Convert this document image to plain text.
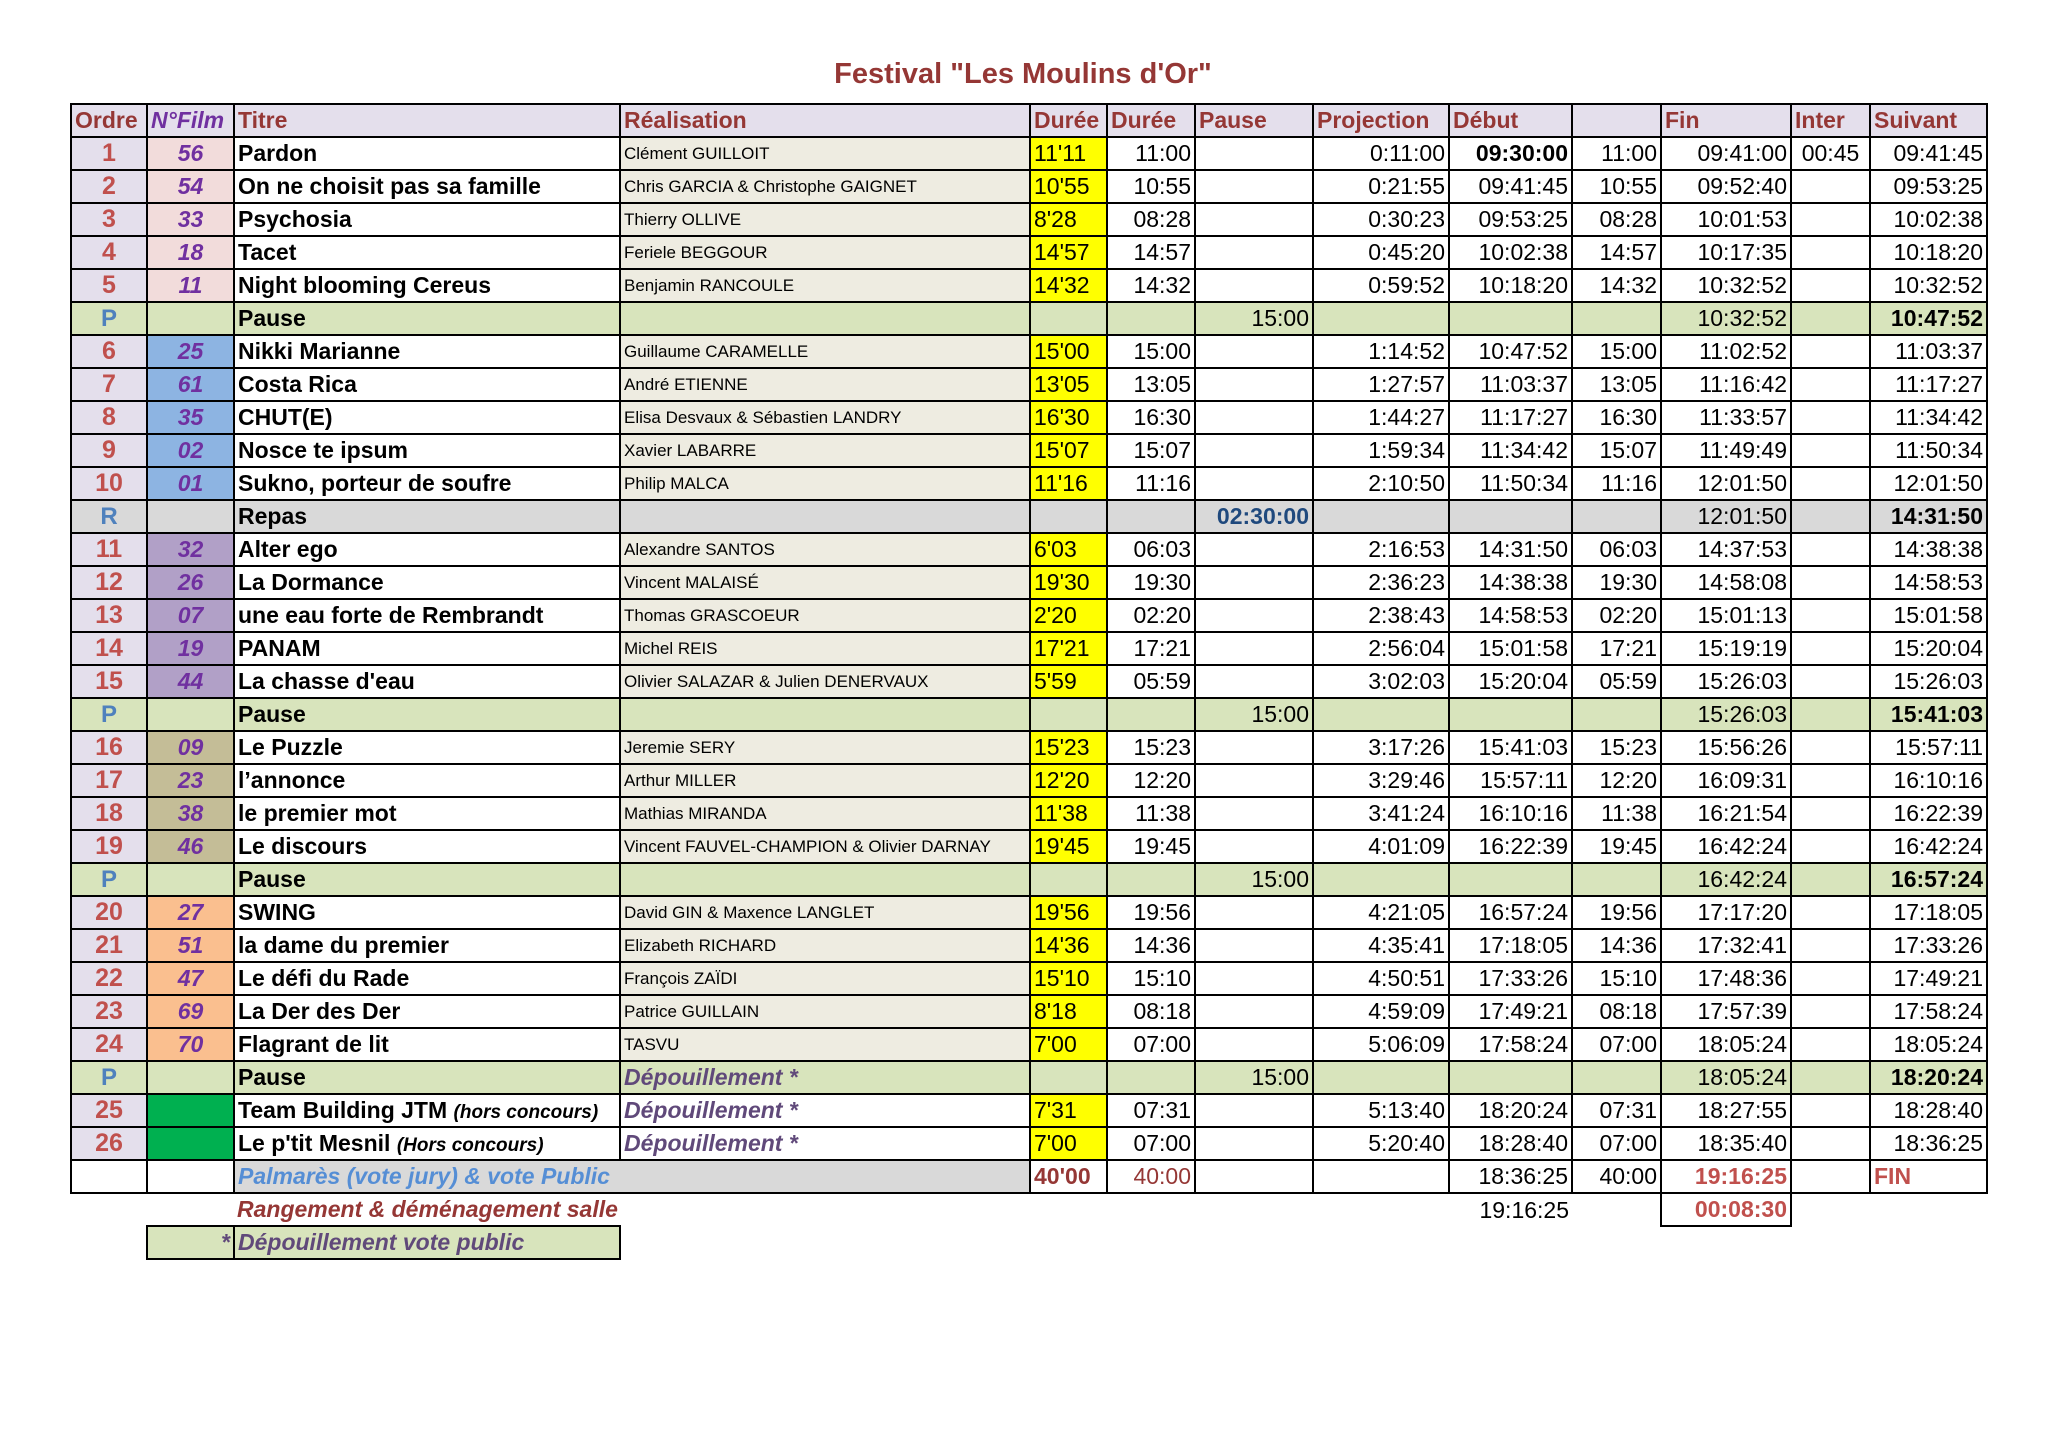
Festival "Les Moulins d'Or"
Ordre	N°Film	Titre	Réalisation	Durée	Durée	Pause	Projection	Début		Fin	Inter	Suivant
1	56	Pardon	Clément GUILLOIT	11'11	11:00		0:11:00	09:30:00	11:00	09:41:00	00:45	09:41:45
2	54	On ne choisit pas sa famille	Chris GARCIA & Christophe GAIGNET	10'55	10:55		0:21:55	09:41:45	10:55	09:52:40		09:53:25
3	33	Psychosia	Thierry OLLIVE	8'28	08:28		0:30:23	09:53:25	08:28	10:01:53		10:02:38
4	18	Tacet	Feriele BEGGOUR	14'57	14:57		0:45:20	10:02:38	14:57	10:17:35		10:18:20
5	11	Night blooming Cereus	Benjamin RANCOULE	14'32	14:32		0:59:52	10:18:20	14:32	10:32:52		10:32:52
P		Pause				15:00				10:32:52		10:47:52
6	25	Nikki Marianne	Guillaume CARAMELLE	15'00	15:00		1:14:52	10:47:52	15:00	11:02:52		11:03:37
7	61	Costa Rica	André ETIENNE	13'05	13:05		1:27:57	11:03:37	13:05	11:16:42		11:17:27
8	35	CHUT(E)	Elisa Desvaux & Sébastien LANDRY	16'30	16:30		1:44:27	11:17:27	16:30	11:33:57		11:34:42
9	02	Nosce te ipsum	Xavier LABARRE	15'07	15:07		1:59:34	11:34:42	15:07	11:49:49		11:50:34
10	01	Sukno, porteur de soufre	Philip MALCA	11'16	11:16		2:10:50	11:50:34	11:16	12:01:50		12:01:50
R		Repas				02:30:00				12:01:50		14:31:50
11	32	Alter ego	Alexandre SANTOS	6'03	06:03		2:16:53	14:31:50	06:03	14:37:53		14:38:38
12	26	La Dormance	Vincent MALAISÉ	19'30	19:30		2:36:23	14:38:38	19:30	14:58:08		14:58:53
13	07	une eau forte de Rembrandt	Thomas GRASCOEUR	2'20	02:20		2:38:43	14:58:53	02:20	15:01:13		15:01:58
14	19	PANAM	Michel REIS	17'21	17:21		2:56:04	15:01:58	17:21	15:19:19		15:20:04
15	44	La chasse d'eau	Olivier SALAZAR & Julien DENERVAUX	5'59	05:59		3:02:03	15:20:04	05:59	15:26:03		15:26:03
P		Pause				15:00				15:26:03		15:41:03
16	09	Le Puzzle	Jeremie SERY	15'23	15:23		3:17:26	15:41:03	15:23	15:56:26		15:57:11
17	23	l’annonce	Arthur MILLER	12'20	12:20		3:29:46	15:57:11	12:20	16:09:31		16:10:16
18	38	le premier mot	Mathias MIRANDA	11'38	11:38		3:41:24	16:10:16	11:38	16:21:54		16:22:39
19	46	Le discours	Vincent FAUVEL-CHAMPION & Olivier DARNAY	19'45	19:45		4:01:09	16:22:39	19:45	16:42:24		16:42:24
P		Pause				15:00				16:42:24		16:57:24
20	27	SWING	David GIN & Maxence LANGLET	19'56	19:56		4:21:05	16:57:24	19:56	17:17:20		17:18:05
21	51	la dame du premier	Elizabeth RICHARD	14'36	14:36		4:35:41	17:18:05	14:36	17:32:41		17:33:26
22	47	Le défi du Rade	François ZAÏDI	15'10	15:10		4:50:51	17:33:26	15:10	17:48:36		17:49:21
23	69	La Der des Der	Patrice GUILLAIN	8'18	08:18		4:59:09	17:49:21	08:18	17:57:39		17:58:24
24	70	Flagrant de lit	TASVU	7'00	07:00		5:06:09	17:58:24	07:00	18:05:24		18:05:24
P		Pause	Dépouillement *			15:00				18:05:24		18:20:24
25		Team Building JTM (hors concours)	Dépouillement *	7'31	07:31		5:13:40	18:20:24	07:31	18:27:55		18:28:40
26		Le p'tit Mesnil (Hors concours)	Dépouillement *	7'00	07:00		5:20:40	18:28:40	07:00	18:35:40		18:36:25
		Palmarès (vote jury) & vote Public		40'00	40:00			18:36:25	40:00	19:16:25		FIN
		Rangement & déménagement salle						19:16:25		00:08:30		
	*	Dépouillement vote public										
